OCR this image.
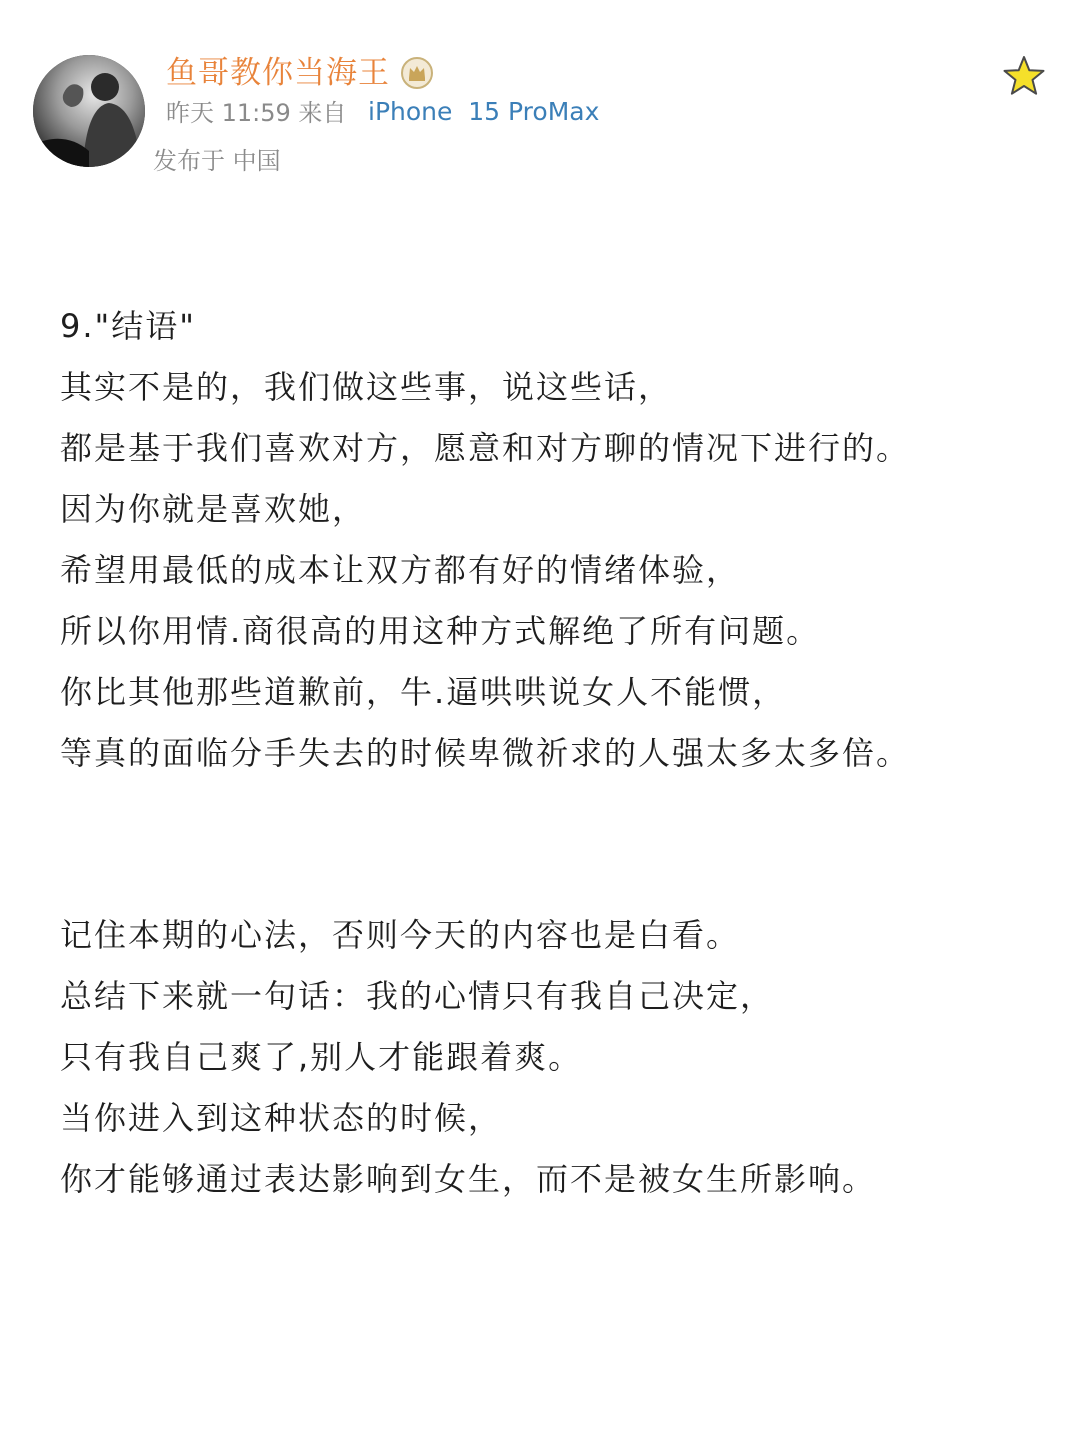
鱼哥教你当海王
昨天 11:59 来自 iPhone  15 ProMax
发布于 中国
9."结语"
其实不是的，我们做这些事，说这些话，
都是基于我们喜欢对方，愿意和对方聊的情况下进行的。
因为你就是喜欢她，
希望用最低的成本让双方都有好的情绪体验，
所以你用情.商很高的用这种方式解绝了所有问题。
你比其他那些道歉前，牛.逼哄哄说女人不能惯，
等真的面临分手失去的时候卑微祈求的人强太多太多倍。
记住本期的心法，否则今天的内容也是白看。
总结下来就一句话：我的心情只有我自己决定，
只有我自己爽了,别人才能跟着爽。
当你进入到这种状态的时候，
你才能够通过表达影响到女生，而不是被女生所影响。
